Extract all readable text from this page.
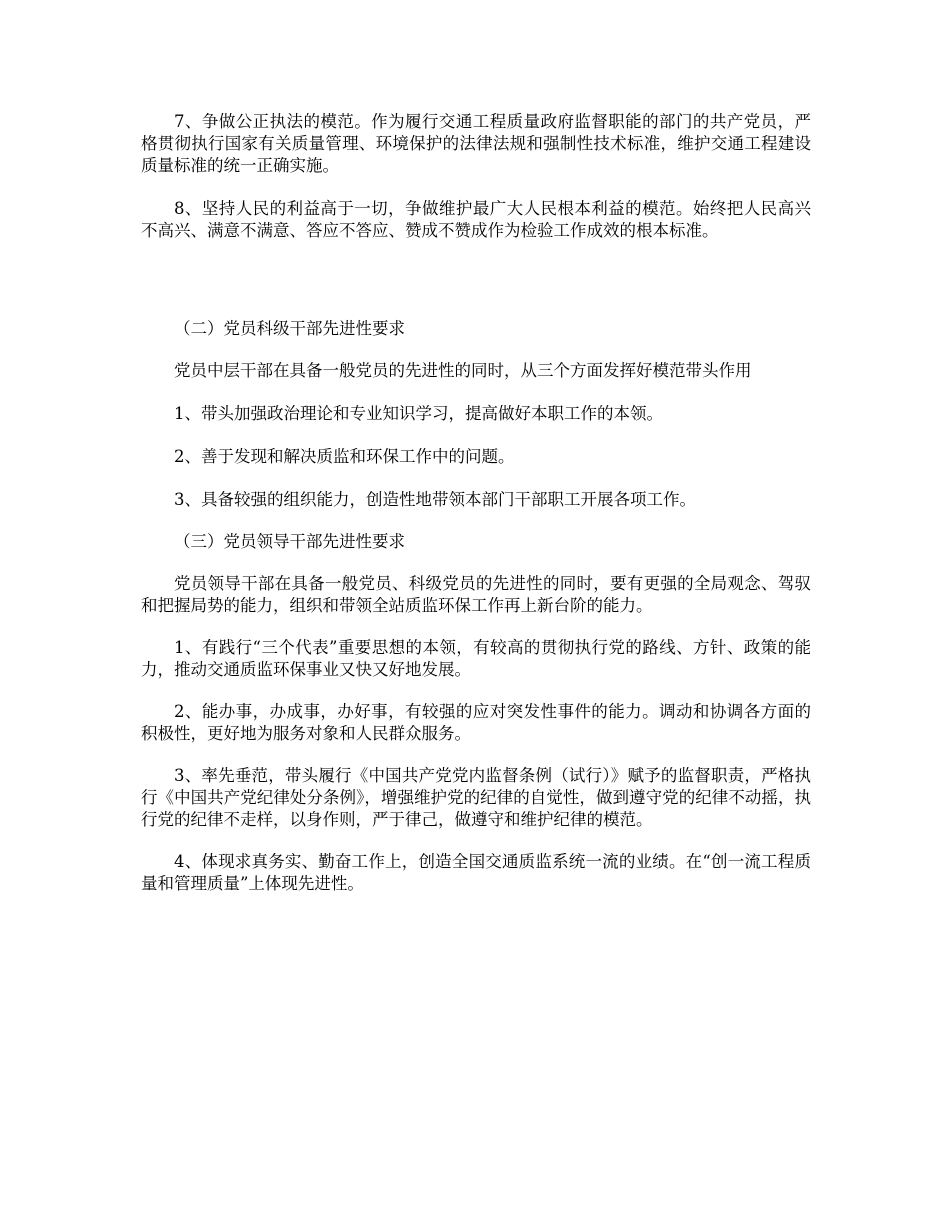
7、争做公正执法的模范。作为履行交通工程质量政府监督职能的部门的共产党员，严格贯彻执行国家有关质量管理、环境保护的法律法规和强制性技术标准，维护交通工程建设质量标准的统一正确实施。

8、坚持人民的利益高于一切，争做维护最广大人民根本利益的模范。始终把人民高兴不高兴、满意不满意、答应不答应、赞成不赞成作为检验工作成效的根本标准。

（二）党员科级干部先进性要求

党员中层干部在具备一般党员的先进性的同时，从三个方面发挥好模范带头作用

1、带头加强政治理论和专业知识学习，提高做好本职工作的本领。

2、善于发现和解决质监和环保工作中的问题。

3、具备较强的组织能力，创造性地带领本部门干部职工开展各项工作。

（三）党员领导干部先进性要求

党员领导干部在具备一般党员、科级党员的先进性的同时，要有更强的全局观念、驾驭和把握局势的能力，组织和带领全站质监环保工作再上新台阶的能力。

1、有践行“三个代表”重要思想的本领，有较高的贯彻执行党的路线、方针、政策的能力，推动交通质监环保事业又快又好地发展。

2、能办事，办成事，办好事，有较强的应对突发性事件的能力。调动和协调各方面的积极性，更好地为服务对象和人民群众服务。

3、率先垂范，带头履行《中国共产党党内监督条例（试行）》赋予的监督职责，严格执行《中国共产党纪律处分条例》，增强维护党的纪律的自觉性，做到遵守党的纪律不动摇，执行党的纪律不走样，以身作则，严于律己，做遵守和维护纪律的模范。

4、体现求真务实、勤奋工作上，创造全国交通质监系统一流的业绩。在“创一流工程质量和管理质量”上体现先进性。
